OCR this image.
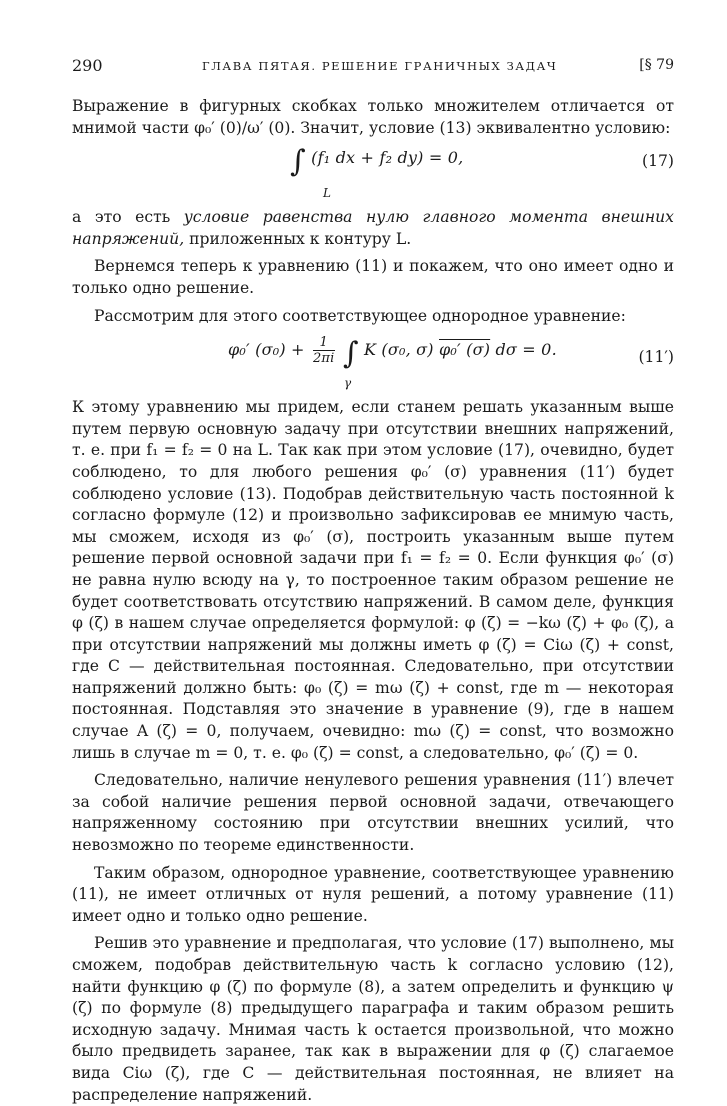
290	ГЛАВА ПЯТАЯ. РЕШЕНИЕ ГРАНИЧНЫХ ЗАДАЧ	[§ 79

Выражение в фигурных скобках только множителем отличается от мнимой части φ₀′ (0)/ω′ (0). Значит, условие (13) эквивалентно условию:

∫ (f₁ dx + f₂ dy) = 0,
L
(17)

а это есть условие равенства нулю главного момента внешних напряжений, приложенных к контуру L.

Вернемся теперь к уравнению (11) и покажем, что оно имеет одно и только одно решение.

Рассмотрим для этого соответствующее однородное уравнение:

φ₀′ $(\sigma_0) + \frac{1}{2\pi i}$ ∫ K (σ₀, σ) φ₀′ (σ) dσ = 0.
γ
(11′)

К этому уравнению мы придем, если станем решать указанным выше путем первую основную задачу при отсутствии внешних напряжений, т. е. при f₁ = f₂ = 0 на L. Так как при этом условие (17), очевидно, будет соблюдено, то для любого решения φ₀′ (σ) уравнения (11′) будет соблюдено условие (13). Подобрав действительную часть постоянной k согласно формуле (12) и произвольно зафиксировав ее мнимую часть, мы сможем, исходя из φ₀′ (σ), построить указанным выше путем решение первой основной задачи при f₁ = f₂ = 0. Если функция φ₀′ (σ) не равна нулю всюду на γ, то построенное таким образом решение не будет соответствовать отсутствию напряжений. В самом деле, функция φ (ζ) в нашем случае определяется формулой: φ (ζ) = −kω (ζ) + φ₀ (ζ), а при отсутствии напряжений мы должны иметь φ (ζ) = Ciω (ζ) + const, где C — действительная постоянная. Следовательно, при отсутствии напряжений должно быть: φ₀ (ζ) = mω (ζ) + const, где m — некоторая постоянная. Подставляя это значение в уравнение (9), где в нашем случае A (ζ) = 0, получаем, очевидно: mω (ζ) = const, что возможно лишь в случае m = 0, т. е. φ₀ (ζ) = const, а следовательно, φ₀′ (ζ) = 0.

Следовательно, наличие ненулевого решения уравнения (11′) влечет за собой наличие решения первой основной задачи, отвечающего напряженному состоянию при отсутствии внешних усилий, что невозможно по теореме единственности.

Таким образом, однородное уравнение, соответствующее уравнению (11), не имеет отличных от нуля решений, а потому уравнение (11) имеет одно и только одно решение.

Решив это уравнение и предполагая, что условие (17) выполнено, мы сможем, подобрав действительную часть k согласно условию (12), найти функцию φ (ζ) по формуле (8), а затем определить и функцию ψ (ζ) по формуле (8) предыдущего параграфа и таким образом решить исходную задачу. Мнимая часть k остается произвольной, что можно было предвидеть заранее, так как в выражении для φ (ζ) слагаемое вида Ciω (ζ), где C — действительная постоянная, не влияет на распределение напряжений.
